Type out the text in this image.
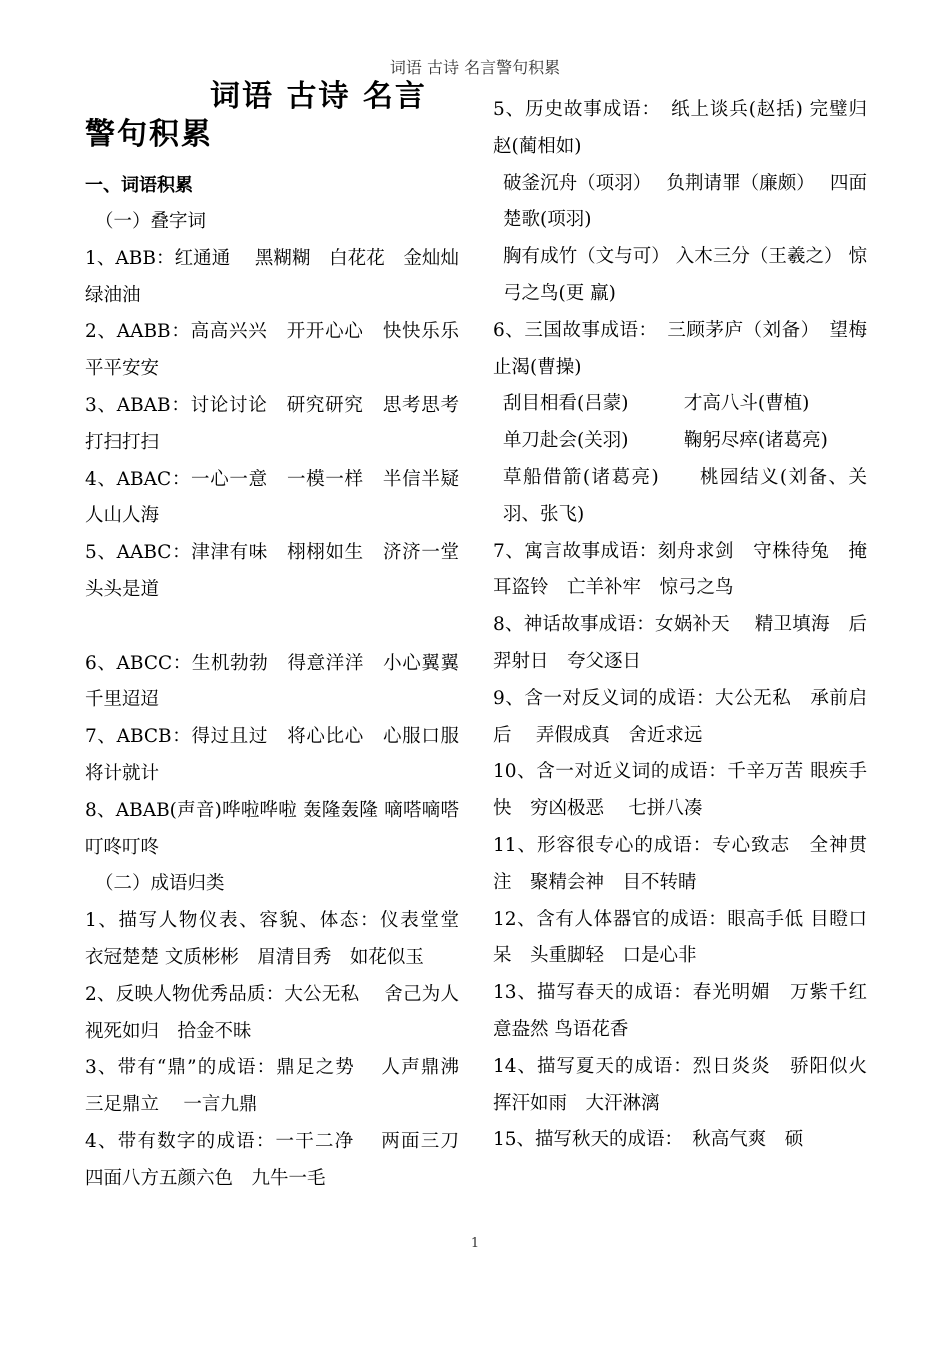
词语 古诗 名言警句积累
词语 古诗 名言
警句积累
一、词语积累
（一）叠字词
1、ABB：红通通　 黑糊糊　白花花　金灿灿　绿油油
2、AABB：高高兴兴　开开心心　快快乐乐　平平安安
3、ABAB：讨论讨论　研究研究　思考思考　打扫打扫
4、ABAC：一心一意　一模一样　半信半疑　人山人海
5、AABC：津津有味　栩栩如生　济济一堂　头头是道
6、ABCC：生机勃勃　得意洋洋　小心翼翼　千里迢迢
7、ABCB：得过且过　将心比心　心服口服　将计就计
8、ABAB(声音)哗啦哗啦 轰隆轰隆 嘀嗒嘀嗒 叮咚叮咚
（二）成语归类
1、描写人物仪表、容貌、体态：仪表堂堂　衣冠楚楚 文质彬彬　眉清目秀　如花似玉
2、反映人物优秀品质：大公无私　 舍己为人　视死如归　拾金不昧
3、带有“鼎”的成语：鼎足之势　 人声鼎沸　三足鼎立　 一言九鼎
4、带有数字的成语：一干二净　 两面三刀　四面八方五颜六色　九牛一毛
5、历史故事成语：　纸上谈兵(赵括) 完璧归赵(蔺相如)
破釜沉舟（项羽）　 负荆请罪（廉颇）　 四面楚歌(项羽)
胸有成竹（文与可） 入木三分（王羲之） 惊弓之鸟(更 羸)
6、三国故事成语：　三顾茅庐（刘备）　望梅止渴(曹操)
刮目相看(吕蒙)　　　才高八斗(曹植)
单刀赴会(关羽)　　　鞠躬尽瘁(诸葛亮)
草船借箭(诸葛亮)　　桃园结义(刘备、关羽、张飞)
7、寓言故事成语：刻舟求剑　守株待兔　掩耳盗铃　亡羊补牢　惊弓之鸟
8、神话故事成语：女娲补天　 精卫填海　后羿射日　夸父逐日
9、含一对反义词的成语：大公无私　承前启后　 弄假成真　舍近求远
10、含一对近义词的成语：千辛万苦 眼疾手快　穷凶极恶　 七拼八凑
11、形容很专心的成语：专心致志　全神贯注　聚精会神　目不转睛
12、含有人体器官的成语：眼高手低 目瞪口呆　头重脚轻　口是心非
13、描写春天的成语：春光明媚　万紫千红　意盎然 鸟语花香
14、描写夏天的成语：烈日炎炎　骄阳似火　挥汗如雨　大汗淋漓
15、描写秋天的成语：　秋高气爽　硕
1
